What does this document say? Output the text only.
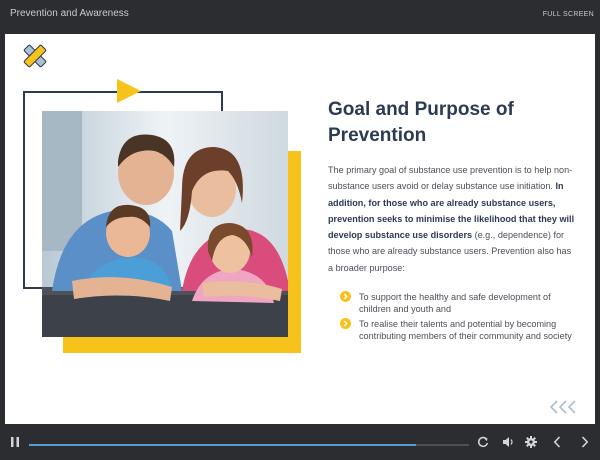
Prevention and Awareness	FULL SCREEN
Goal and Purpose of Prevention

The primary goal of substance use prevention is to help non-substance users avoid or delay substance use initiation. In addition, for those who are already substance users, prevention seeks to minimise the likelihood that they will develop substance use disorders (e.g., dependence) for those who are already substance users. Prevention also has a broader purpose:

To support the healthy and safe development of children and youth and
To realise their talents and potential by becoming contributing members of their community and society
